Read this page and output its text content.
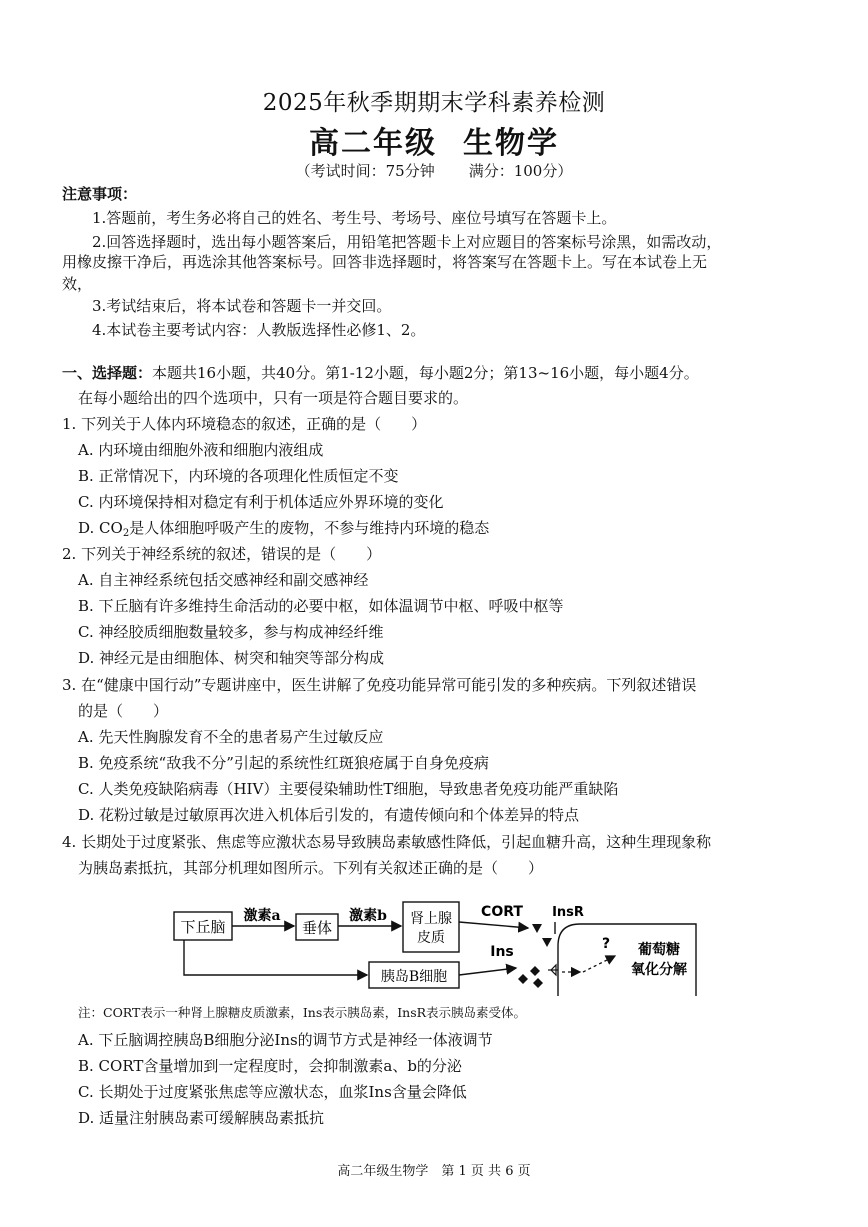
2025年秋季期期末学科素养检测
高二年级 生物学
（考试时间：75分钟 满分：100分）
注意事项：
1.答题前，考生务必将自己的姓名、考生号、考场号、座位号填写在答题卡上。
2.回答选择题时，选出每小题答案后，用铅笔把答题卡上对应题目的答案标号涂黑，如需改动，
用橡皮擦干净后，再选涂其他答案标号。回答非选择题时，将答案写在答题卡上。写在本试卷上无
效，
3.考试结束后，将本试卷和答题卡一并交回。
4.本试卷主要考试内容：人教版选择性必修1、2。
一、选择题：本题共16小题，共40分。第1-12小题，每小题2分；第13~16小题，每小题4分。
在每小题给出的四个选项中，只有一项是符合题目要求的。
1. 下列关于人体内环境稳态的叙述，正确的是（　　）
A. 内环境由细胞外液和细胞内液组成
B. 正常情况下，内环境的各项理化性质恒定不变
C. 内环境保持相对稳定有利于机体适应外界环境的变化
D. $CO_2$是人体细胞呼吸产生的废物，不参与维持内环境的稳态
2. 下列关于神经系统的叙述，错误的是（　　）
A. 自主神经系统包括交感神经和副交感神经
B. 下丘脑有许多维持生命活动的必要中枢，如体温调节中枢、呼吸中枢等
C. 神经胶质细胞数量较多，参与构成神经纤维
D. 神经元是由细胞体、树突和轴突等部分构成
3. 在“健康中国行动”专题讲座中，医生讲解了免疫功能异常可能引发的多种疾病。下列叙述错误
的是（　　）
A. 先天性胸腺发育不全的患者易产生过敏反应
B. 免疫系统“敌我不分”引起的系统性红斑狼疮属于自身免疫病
C. 人类免疫缺陷病毒（HIV）主要侵染辅助性T细胞，导致患者免疫功能严重缺陷
D. 花粉过敏是过敏原再次进入机体后引发的，有遗传倾向和个体差异的特点
4. 长期处于过度紧张、焦虑等应激状态易导致胰岛素敏感性降低，引起血糖升高，这种生理现象称
为胰岛素抵抗，其部分机理如图所示。下列有关叙述正确的是（　　）
下丘脑	垂体	肾上腺
皮质
胰岛B细胞
激素a	激素b	CORT
Ins
InsR
? 葡萄糖
氧化分解
注：CORT表示一种肾上腺糖皮质激素，Ins表示胰岛素，InsR表示胰岛素受体。
A. 下丘脑调控胰岛B细胞分泌Ins的调节方式是神经一体液调节
B. CORT含量增加到一定程度时，会抑制激素a、b的分泌
C. 长期处于过度紧张焦虑等应激状态，血浆Ins含量会降低
D. 适量注射胰岛素可缓解胰岛素抵抗
高二年级生物学　第 1 页 共 6 页
